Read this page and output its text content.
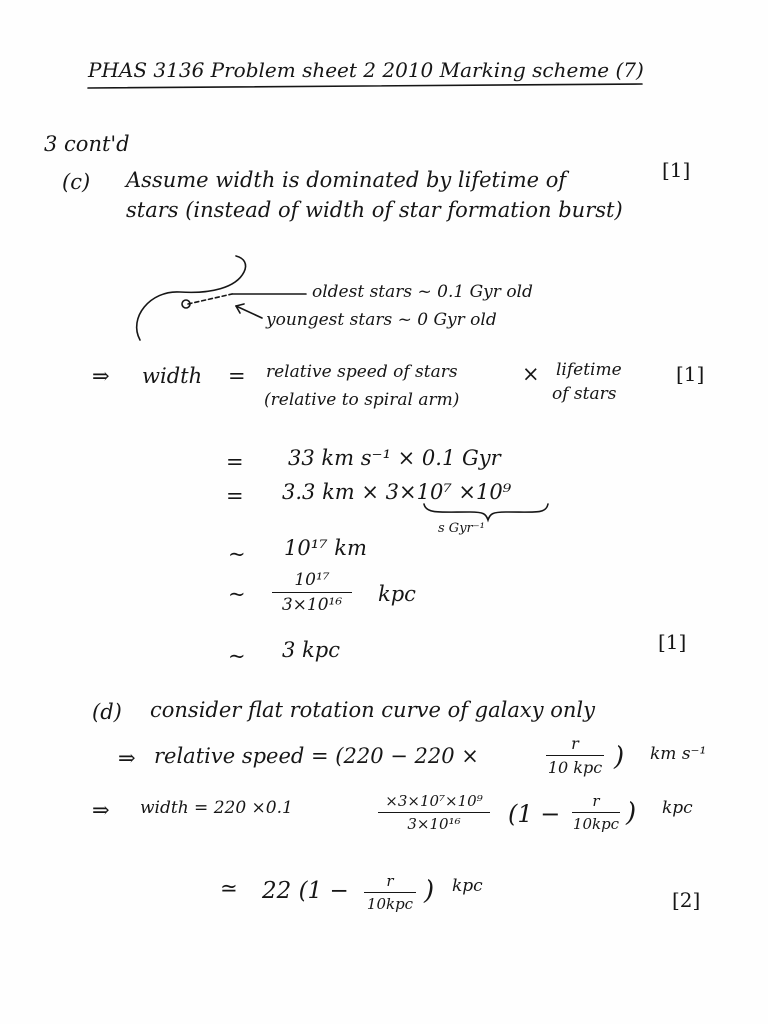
PHAS 3136 Problem sheet 2 2010 Marking scheme (7)
3 cont'd
(c) Assume width is dominated by lifetime of	[1]
stars (instead of width of star formation burst)
oldest stars ~ 0.1 Gyr old
youngest stars ~ 0 Gyr old
⇒ width = relative speed of stars
(relative to spiral arm)
× lifetime
of stars
[1]
= 33 km s⁻¹ × 0.1 Gyr
= 3.3 km × 3×10⁷ ×10⁹
s Gyr⁻¹
~ 10¹⁷ km
~
10¹⁷
3×10¹⁶	kpc
~ 3 kpc	[1]
(d) consider flat rotation curve of galaxy only
⇒ relative speed = (220 − 220 ×
r
10 kpc ) km s⁻¹
⇒ width = 220 ×0.1	×3×10⁷×10⁹
3×10¹⁶	(1 −	r
10kpc ) kpc
≃ 22 (1 −	r
10kpc ) kpc
[2]
